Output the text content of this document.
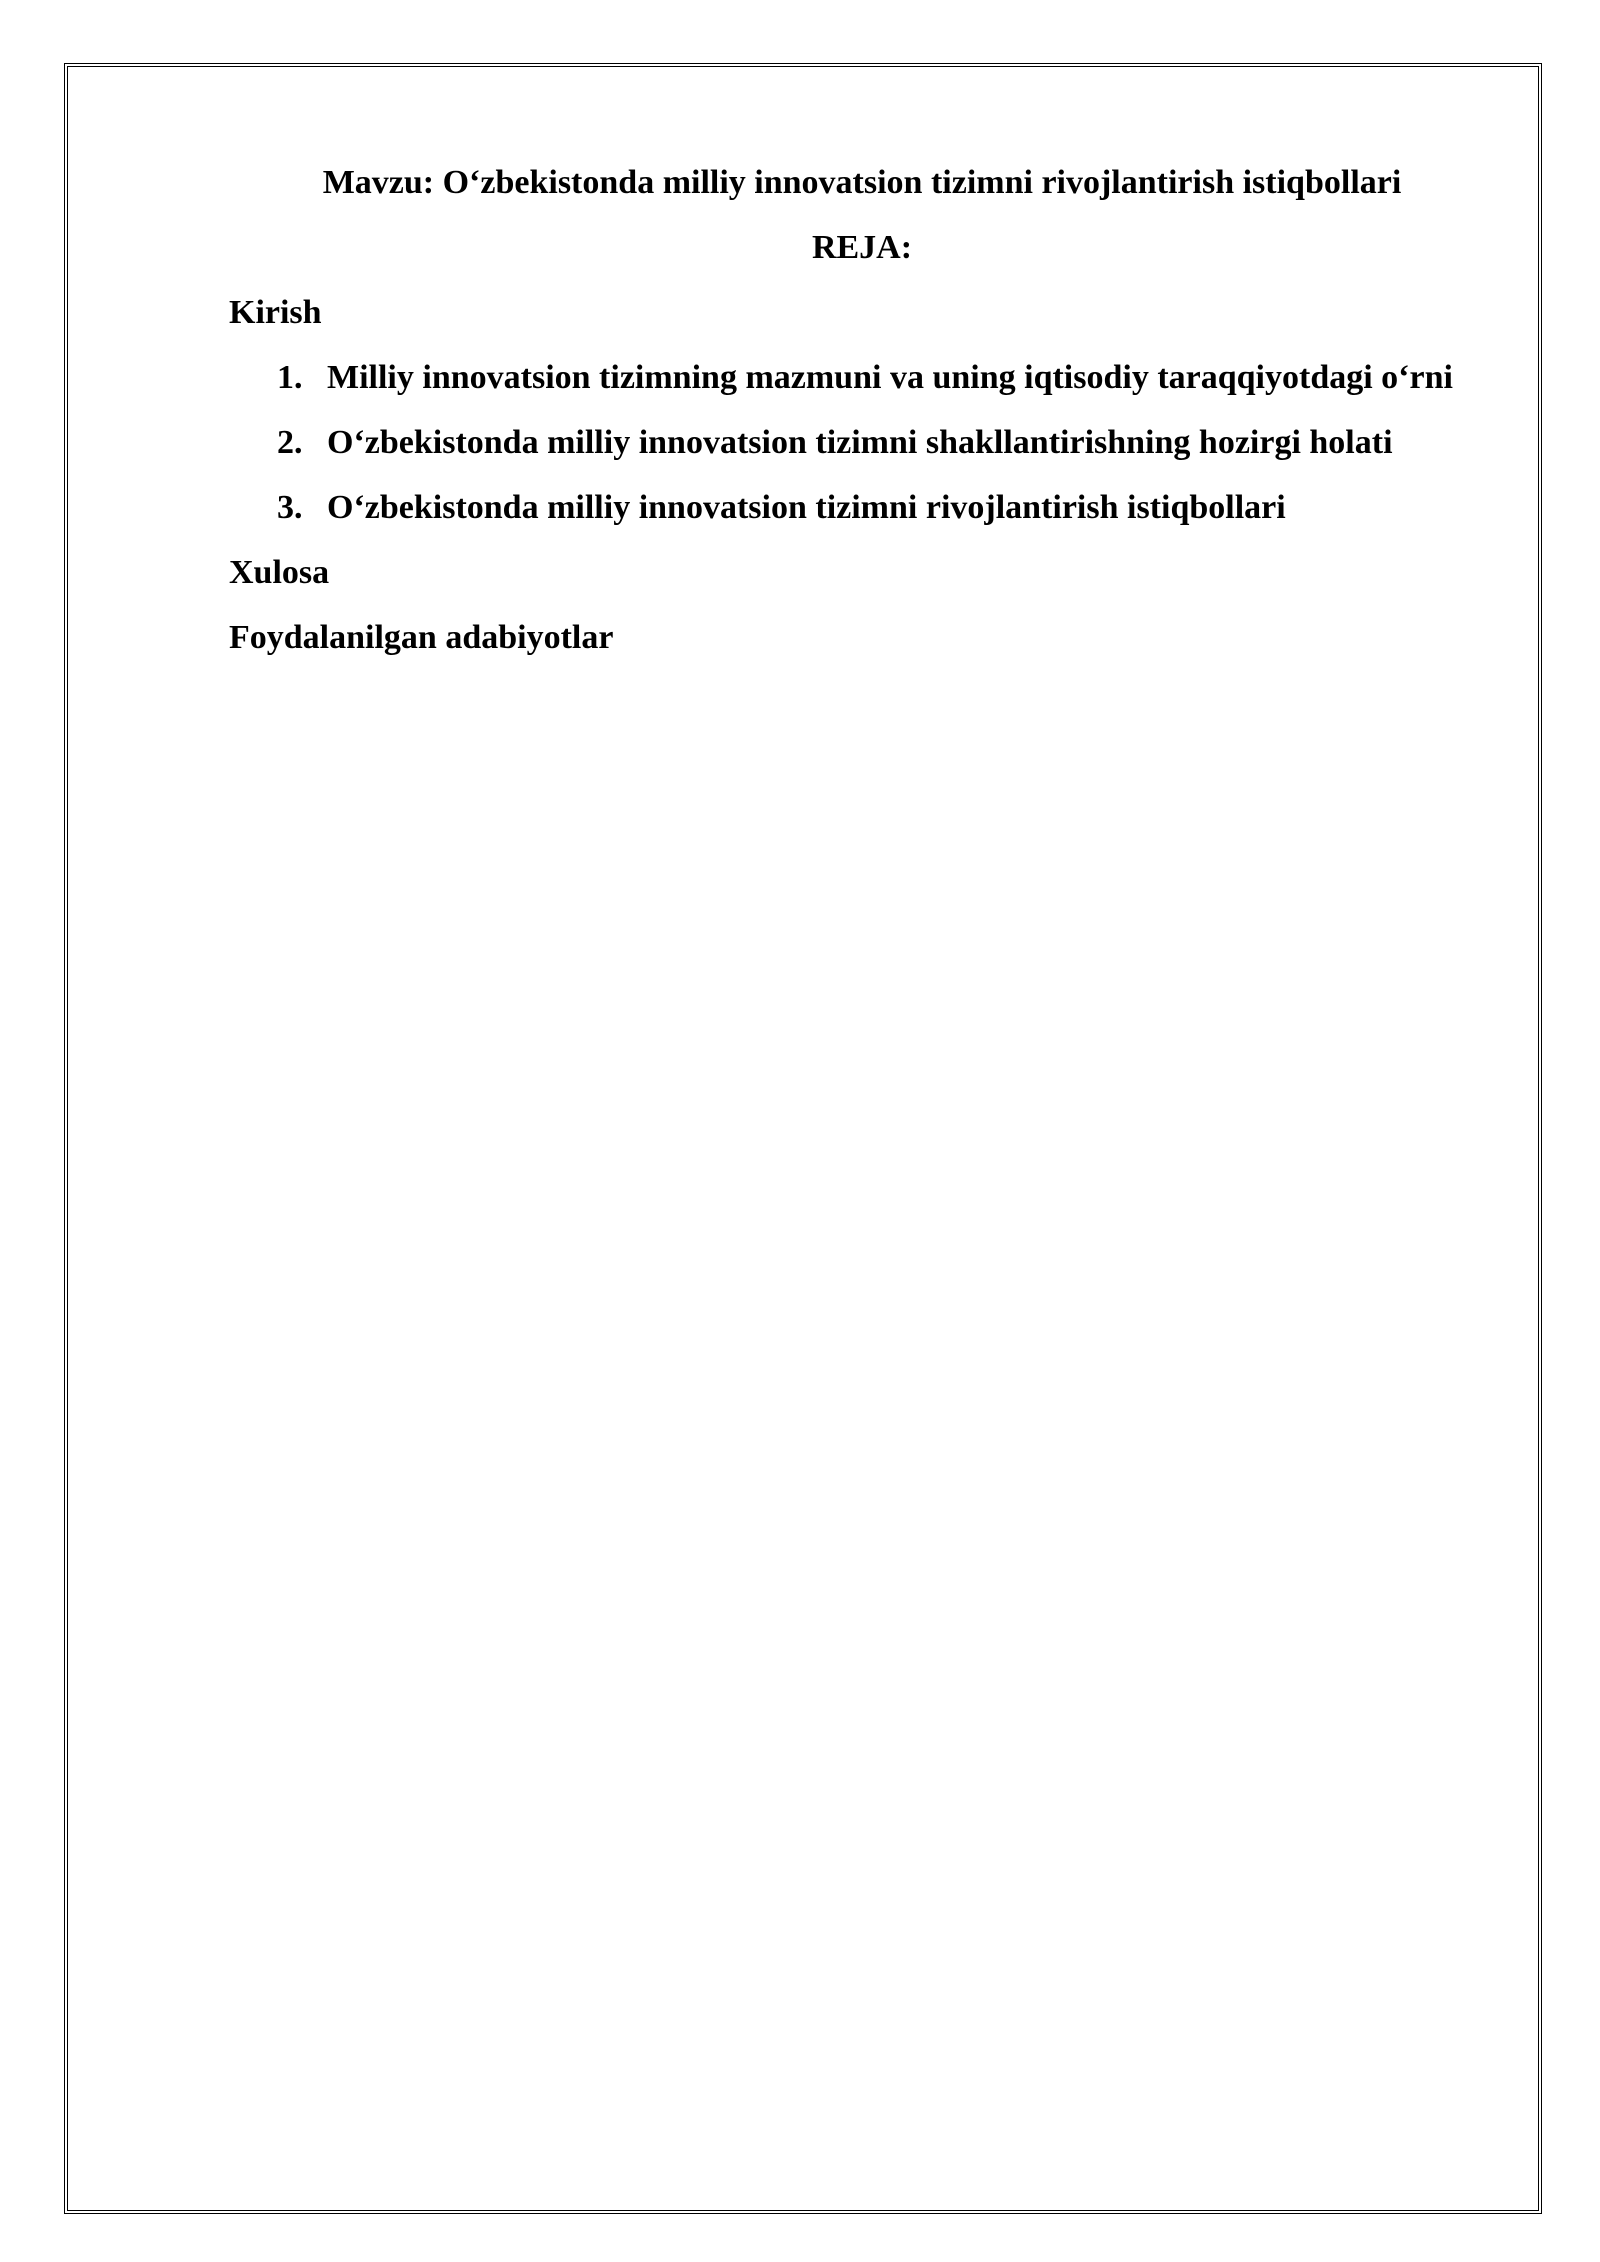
Mavzu: O‘zbekistonda milliy innovatsion tizimni rivojlantirish istiqbollari

REJA:

Kirish

1. Milliy innovatsion tizimning mazmuni va uning iqtisodiy taraqqiyotdagi o‘rni
2. O‘zbekistonda milliy innovatsion tizimni shakllantirishning hozirgi holati
3. O‘zbekistonda milliy innovatsion tizimni rivojlantirish istiqbollari

Xulosa

Foydalanilgan adabiyotlar
